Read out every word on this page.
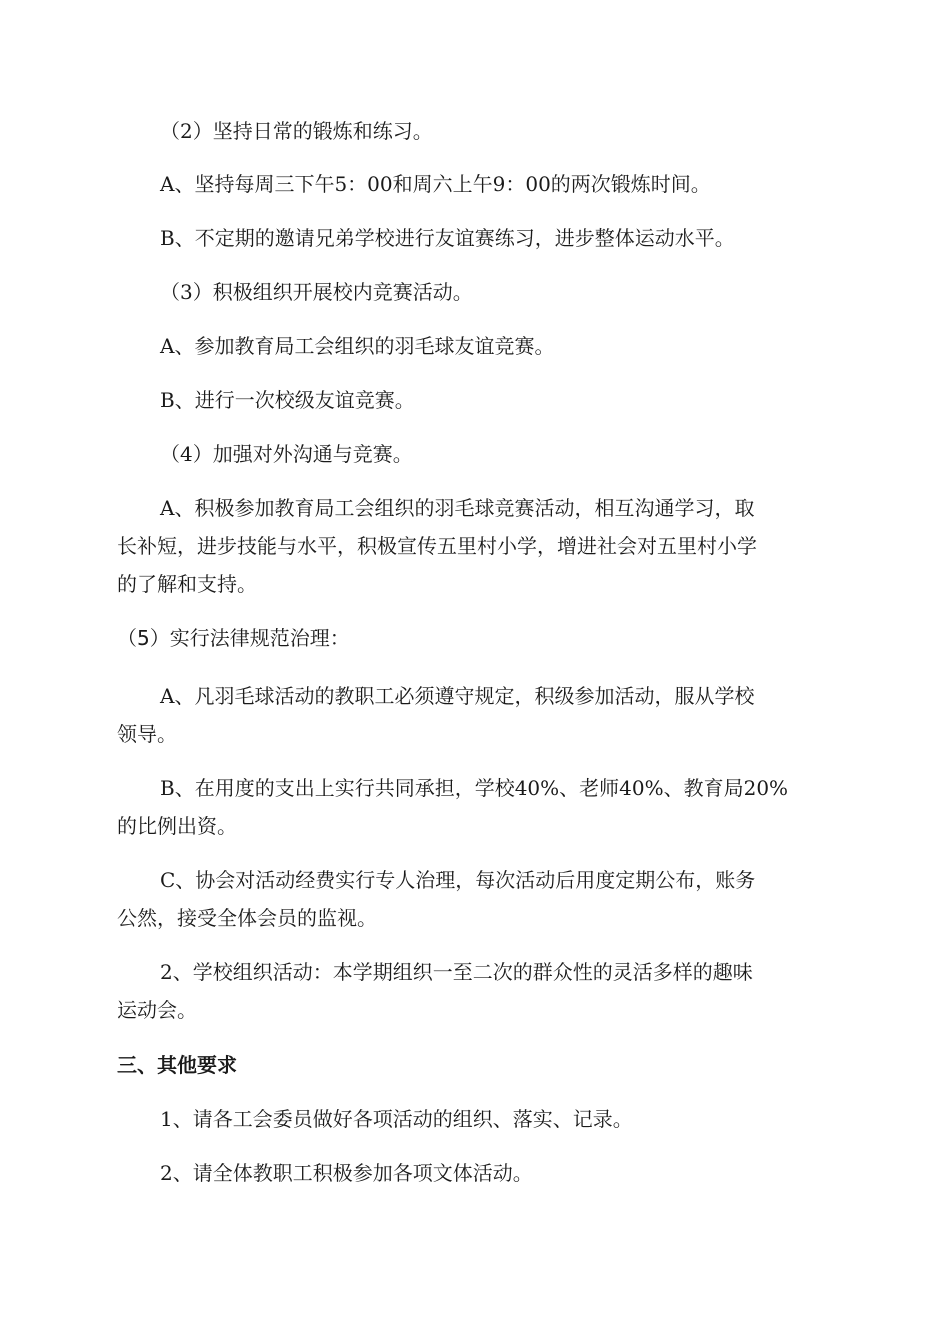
（2）坚持日常的锻炼和练习。

A、坚持每周三下午5：00和周六上午9：00的两次锻炼时间。

B、不定期的邀请兄弟学校进行友谊赛练习，进步整体运动水平。

（3）积极组织开展校内竞赛活动。

A、参加教育局工会组织的羽毛球友谊竞赛。

B、进行一次校级友谊竞赛。

（4）加强对外沟通与竞赛。

A、积极参加教育局工会组织的羽毛球竞赛活动，相互沟通学习，取

长补短，进步技能与水平，积极宣传五里村小学，增进社会对五里村小学

的了解和支持。

（5）实行法律规范治理：

A、凡羽毛球活动的教职工必须遵守规定，积级参加活动，服从学校

领导。

B、在用度的支出上实行共同承担，学校40%、老师40%、教育局20%

的比例出资。

C、协会对活动经费实行专人治理，每次活动后用度定期公布，账务

公然，接受全体会员的监视。

2、学校组织活动：本学期组织一至二次的群众性的灵活多样的趣味

运动会。

三、其他要求

1、请各工会委员做好各项活动的组织、落实、记录。

2、请全体教职工积极参加各项文体活动。
